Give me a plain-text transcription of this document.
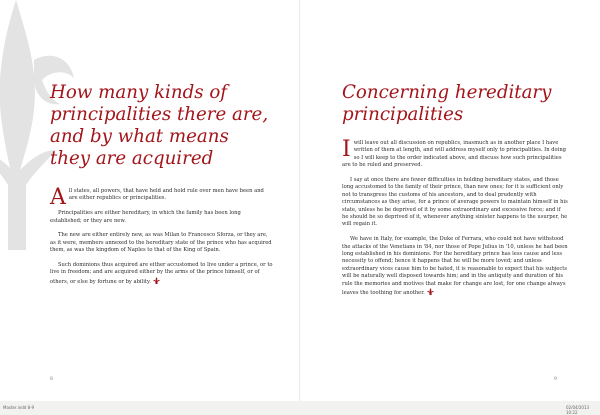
How many kinds of
principalities there are,
and by what means
they are acquired

All states, all powers, that have held and hold rule over men have been and are either republics or principalities.

Principalities are either hereditary, in which the family has been long established; or they are new.

The new are either entirely new, as was Milan to Francesco Sforza, or they are, as it were, members annexed to the hereditary state of the prince who has acquired them, as was the kingdom of Naples to that of the King of Spain.

Such dominions thus acquired are either accustomed to live under a prince, or to live in freedom; and are acquired either by the arms of the prince himself, or of others, or else by fortune or by ability.

8
Concerning hereditary
principalities

Iwill leave out all discussion on republics, inasmuch as in another place I have written of them at length, and will address myself only to principalities. In doing so I will keep to the order indicated above, and discuss how such principalities are to be ruled and preserved.

I say at once there are fewer difficulties in holding hereditary states, and those long accustomed to the family of their prince, than new ones; for it is sufficient only not to transgress the customs of his ancestors, and to deal prudently with circumstances as they arise, for a prince of average powers to maintain himself in his state, unless he be deprived of it by some extraordinary and excessive force; and if he should be so deprived of it, whenever anything sinister happens to the usurper, he will regain it.

We have in Italy, for example, the Duke of Ferrara, who could not have withstood the attacks of the Venetians in '84, nor those of Pope Julius in '10, unless he had been long established in his dominions. For the hereditary prince has less cause and less necessity to offend; hence it happens that he will be more loved; and unless extraordinary vices cause him to be hated, it is reasonable to expect that his subjects will be naturally well disposed towards him; and in the antiquity and duration of his rule the memories and motives that make for change are lost, for one change always leaves the toothing for another.

9
Master.indd 8-9	02/04/2013 10:22
